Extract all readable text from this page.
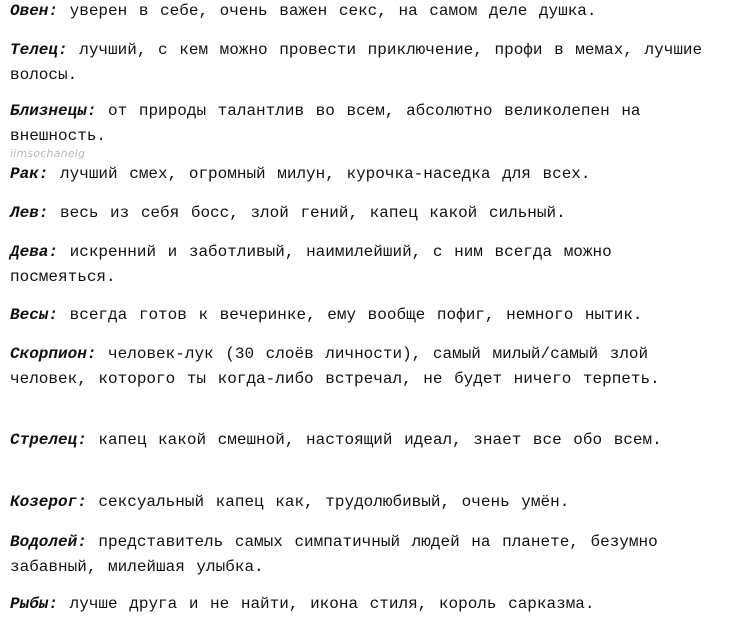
Овен: уверен в себе, очень важен секс, на самом деле душка.

Телец: лучший, с кем можно провести приключение, профи в мемах, лучшие волосы.

Близнецы: от природы талантлив во всем, абсолютно великолепен на внешность.

iimsochanelg

Рак: лучший смех, огромный милун, курочка-наседка для всех.

Лев: весь из себя босс, злой гений, капец какой сильный.

Дева: искренний и заботливый, наимилейший, с ним всегда можно посмеяться.

Весы: всегда готов к вечеринке, ему вообще пофиг, немного нытик.

Скорпион: человек-лук (30 слоёв личности), самый милый/самый злой человек, которого ты когда-либо встречал, не будет ничего терпеть.

Стрелец: капец какой смешной, настоящий идеал, знает все обо всем.

Козерог: сексуальный капец как, трудолюбивый, очень умён.

Водолей: представитель самых симпатичный людей на планете, безумно забавный, милейшая улыбка.

Рыбы: лучше друга и не найти, икона стиля, король сарказма.
